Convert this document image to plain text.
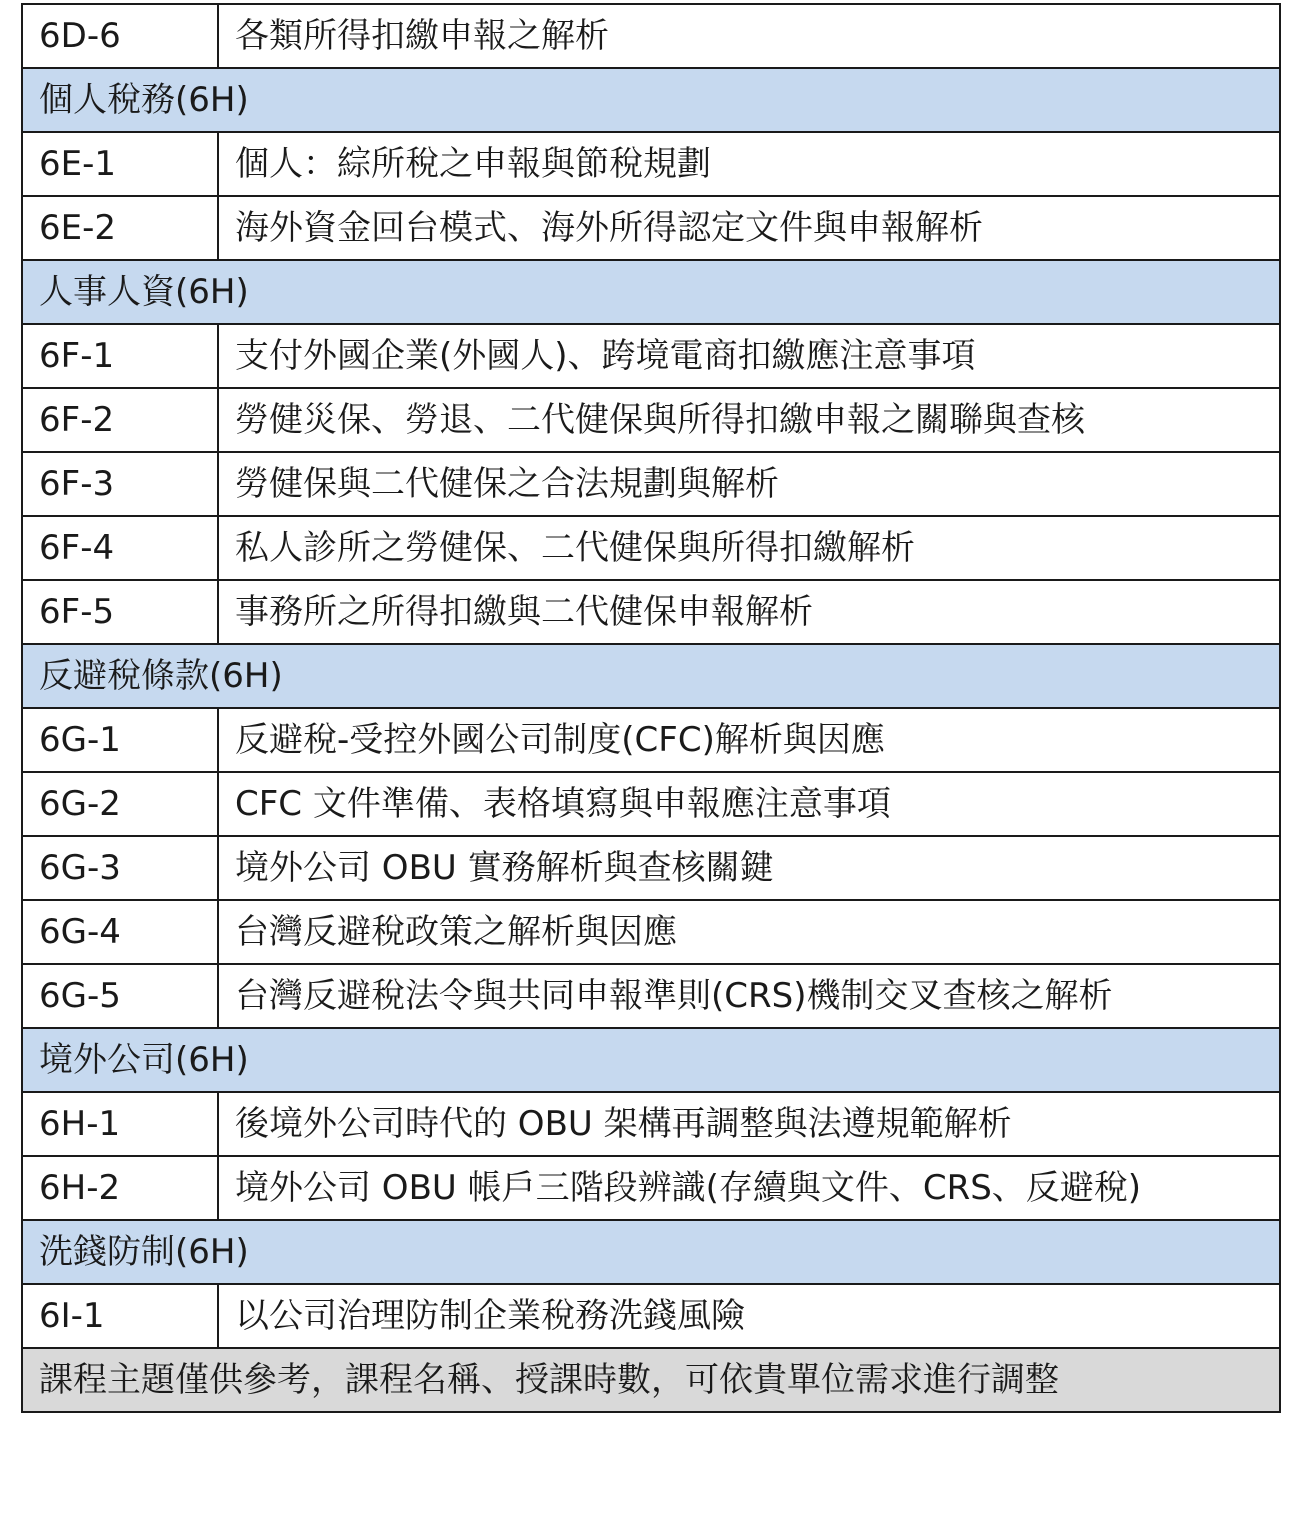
6D-6	各類所得扣繳申報之解析
個人稅務(6H)	
6E-1	個人：綜所稅之申報與節稅規劃
6E-2	海外資金回台模式、海外所得認定文件與申報解析
人事人資(6H)	
6F-1	支付外國企業(外國人)、跨境電商扣繳應注意事項
6F-2	勞健災保、勞退、二代健保與所得扣繳申報之關聯與查核
6F-3	勞健保與二代健保之合法規劃與解析
6F-4	私人診所之勞健保、二代健保與所得扣繳解析
6F-5	事務所之所得扣繳與二代健保申報解析
反避稅條款(6H)	
6G-1	反避稅-受控外國公司制度(CFC)解析與因應
6G-2	CFC 文件準備、表格填寫與申報應注意事項
6G-3	境外公司 OBU 實務解析與查核關鍵
6G-4	台灣反避稅政策之解析與因應
6G-5	台灣反避稅法令與共同申報準則(CRS)機制交叉查核之解析
境外公司(6H)	
6H-1	後境外公司時代的 OBU 架構再調整與法遵規範解析
6H-2	境外公司 OBU 帳戶三階段辨識(存續與文件、CRS、反避稅)
洗錢防制(6H)	
6I-1	以公司治理防制企業稅務洗錢風險
課程主題僅供參考，課程名稱、授課時數，可依貴單位需求進行調整	
